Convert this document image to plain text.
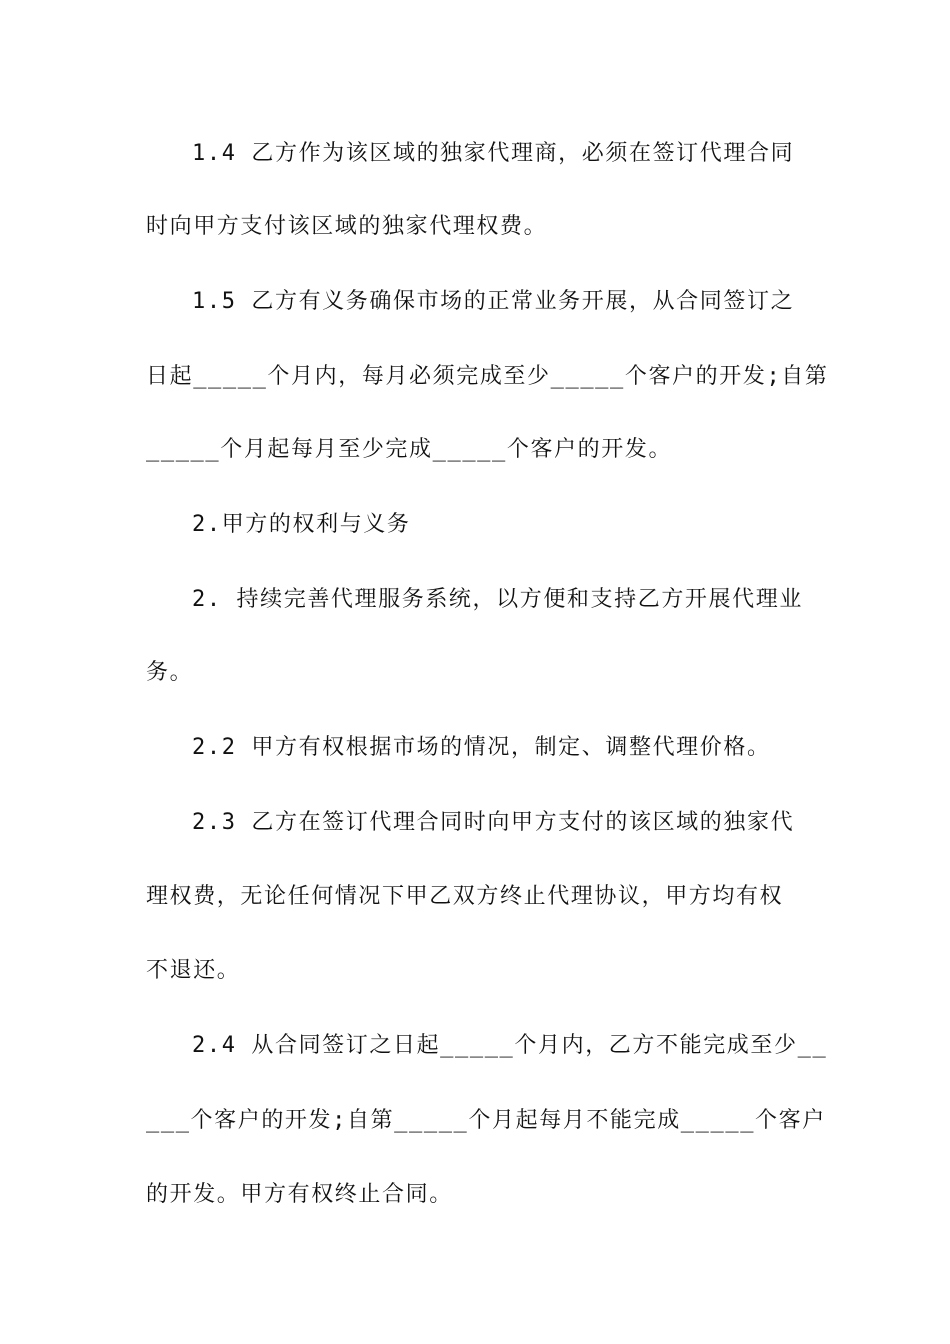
1.4 乙方作为该区域的独家代理商，必须在签订代理合同
时向甲方支付该区域的独家代理权费。
1.5 乙方有义务确保市场的正常业务开展，从合同签订之
日起_____个月内，每月必须完成至少_____个客户的开发;自第
_____个月起每月至少完成_____个客户的开发。
2.甲方的权利与义务
2. 持续完善代理服务系统，以方便和支持乙方开展代理业
务。
2.2 甲方有权根据市场的情况，制定、调整代理价格。
2.3 乙方在签订代理合同时向甲方支付的该区域的独家代
理权费，无论任何情况下甲乙双方终止代理协议，甲方均有权
不退还。
2.4 从合同签订之日起_____个月内，乙方不能完成至少__
___个客户的开发;自第_____个月起每月不能完成_____个客户
的开发。甲方有权终止合同。
